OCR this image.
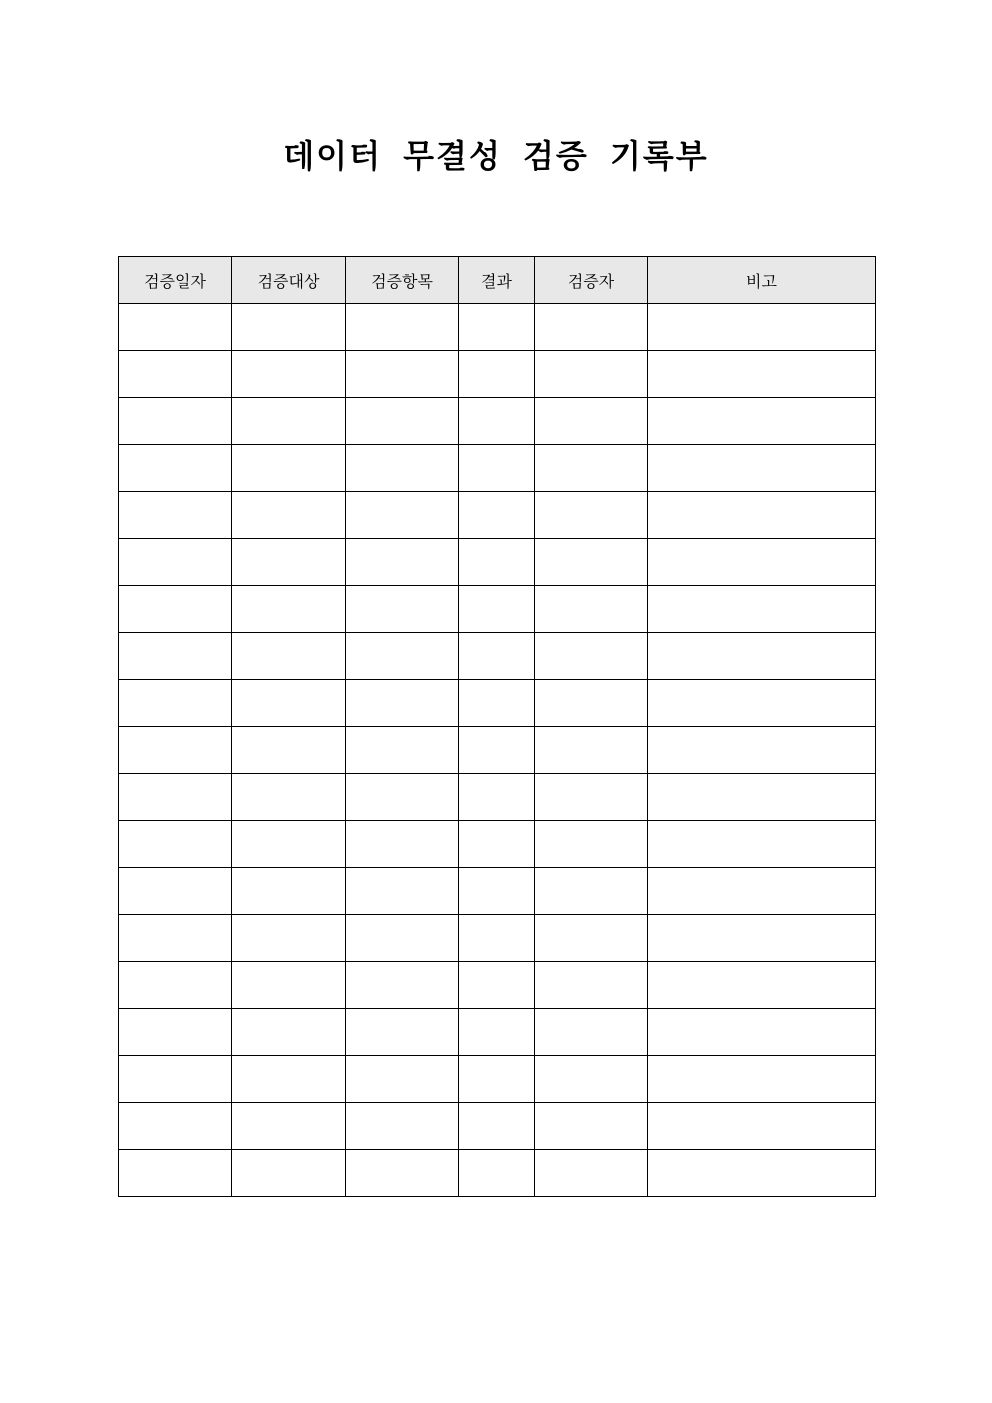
데이터 무결성 검증 기록부
검증일자	검증대상	검증항목	결과	검증자	비고
